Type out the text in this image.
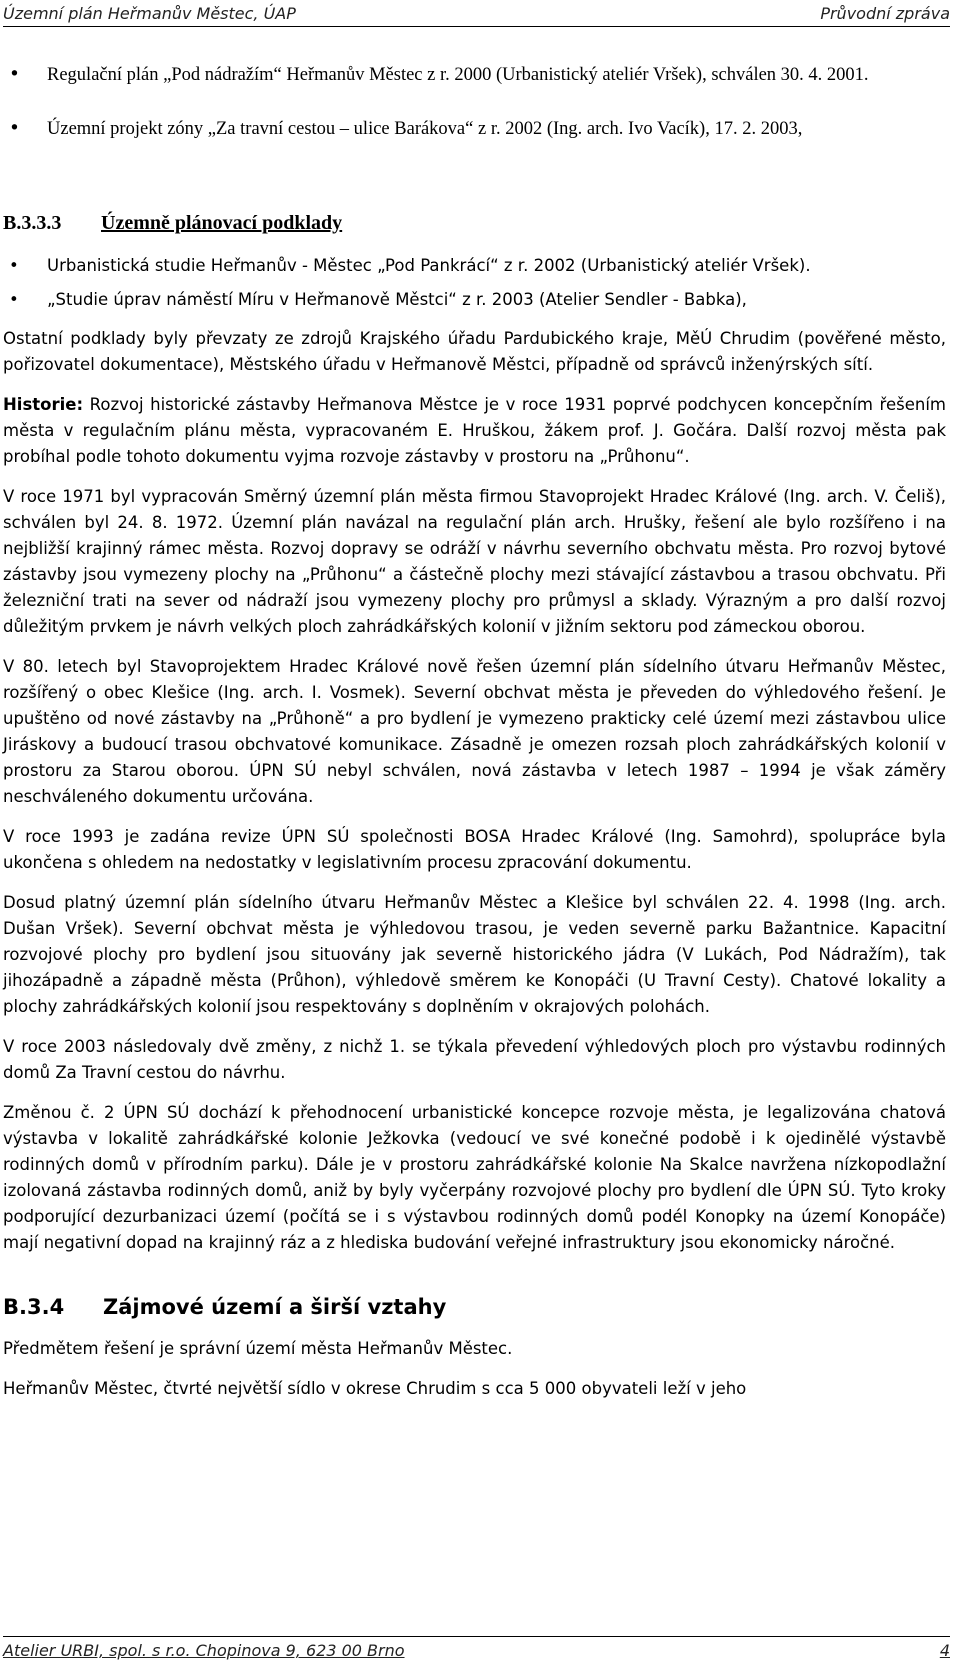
Územní plán Heřmanův Městec, ÚAP	Průvodní zpráva
• Regulační plán „Pod nádražím“ Heřmanův Městec z r. 2000 (Urbanistický ateliér Vršek), schválen 30. 4. 2001.
• Územní projekt zóny „Za travní cestou – ulice Barákova“ z r. 2002 (Ing. arch. Ivo Vacík), 17. 2. 2003,
B.3.3.3 Územně plánovací podklady
• Urbanistická studie Heřmanův - Městec „Pod Pankrácí“ z r. 2002 (Urbanistický ateliér Vršek).
• „Studie úprav náměstí Míru v Heřmanově Městci“ z r. 2003 (Atelier Sendler - Babka),

Ostatní podklady byly převzaty ze zdrojů Krajského úřadu Pardubického kraje, MěÚ Chrudim (pověřené město, pořizovatel dokumentace), Městského úřadu v Heřmanově Městci, případně od správců inženýrských sítí.

Historie: Rozvoj historické zástavby Heřmanova Městce je v roce 1931 poprvé podchycen koncepčním řešením města v regulačním plánu města, vypracovaném E. Hruškou, žákem prof. J. Gočára. Další rozvoj města pak probíhal podle tohoto dokumentu vyjma rozvoje zástavby v prostoru na „Průhonu“.

V roce 1971 byl vypracován Směrný územní plán města firmou Stavoprojekt Hradec Králové (Ing. arch. V. Čeliš), schválen byl 24. 8. 1972. Územní plán navázal na regulační plán arch. Hrušky, řešení ale bylo rozšířeno i na nejbližší krajinný rámec města. Rozvoj dopravy se odráží v návrhu severního obchvatu města. Pro rozvoj bytové zástavby jsou vymezeny plochy na „Průhonu“ a částečně plochy mezi stávající zástavbou a trasou obchvatu. Při železniční trati na sever od nádraží jsou vymezeny plochy pro průmysl a sklady. Výrazným a pro další rozvoj důležitým prvkem je návrh velkých ploch zahrádkářských kolonií v jižním sektoru pod zámeckou oborou.

V 80. letech byl Stavoprojektem Hradec Králové nově řešen územní plán sídelního útvaru Heřmanův Městec, rozšířený o obec Klešice (Ing. arch. I. Vosmek). Severní obchvat města je převeden do výhledového řešení. Je upuštěno od nové zástavby na „Průhoně“ a pro bydlení je vymezeno prakticky celé území mezi zástavbou ulice Jiráskovy a budoucí trasou obchvatové komunikace. Zásadně je omezen rozsah ploch zahrádkářských kolonií v prostoru za Starou oborou. ÚPN SÚ nebyl schválen, nová zástavba v letech 1987 – 1994 je však záměry neschváleného dokumentu určována.

V roce 1993 je zadána revize ÚPN SÚ společnosti BOSA Hradec Králové (Ing. Samohrd), spolupráce byla ukončena s ohledem na nedostatky v legislativním procesu zpracování dokumentu.

Dosud platný územní plán sídelního útvaru Heřmanův Městec a Klešice byl schválen 22. 4. 1998 (Ing. arch. Dušan Vršek). Severní obchvat města je výhledovou trasou, je veden severně parku Bažantnice. Kapacitní rozvojové plochy pro bydlení jsou situovány jak severně historického jádra (V Lukách, Pod Nádražím), tak jihozápadně a západně města (Průhon), výhledově směrem ke Konopáči (U Travní Cesty). Chatové lokality a plochy zahrádkářských kolonií jsou respektovány s doplněním v okrajových polohách.

V roce 2003 následovaly dvě změny, z nichž 1. se týkala převedení výhledových ploch pro výstavbu rodinných domů Za Travní cestou do návrhu.

Změnou č. 2 ÚPN SÚ dochází k přehodnocení urbanistické koncepce rozvoje města, je legalizována chatová výstavba v lokalitě zahrádkářské kolonie Ježkovka (vedoucí ve své konečné podobě i k ojedinělé výstavbě rodinných domů v přírodním parku). Dále je v prostoru zahrádkářské kolonie Na Skalce navržena nízkopodlažní izolovaná zástavba rodinných domů, aniž by byly vyčerpány rozvojové plochy pro bydlení dle ÚPN SÚ. Tyto kroky podporující dezurbanizaci území (počítá se i s výstavbou rodinných domů podél Konopky na území Konopáče) mají negativní dopad na krajinný ráz a z hlediska budování veřejné infrastruktury jsou ekonomicky náročné.

B.3.4 Zájmové území a širší vztahy

Předmětem řešení je správní území města Heřmanův Městec.

Heřmanův Městec, čtvrté největší sídlo v okrese Chrudim s cca 5 000 obyvateli leží v jeho

Atelier URBI, spol. s r.o. Chopinova 9, 623 00 Brno	4
